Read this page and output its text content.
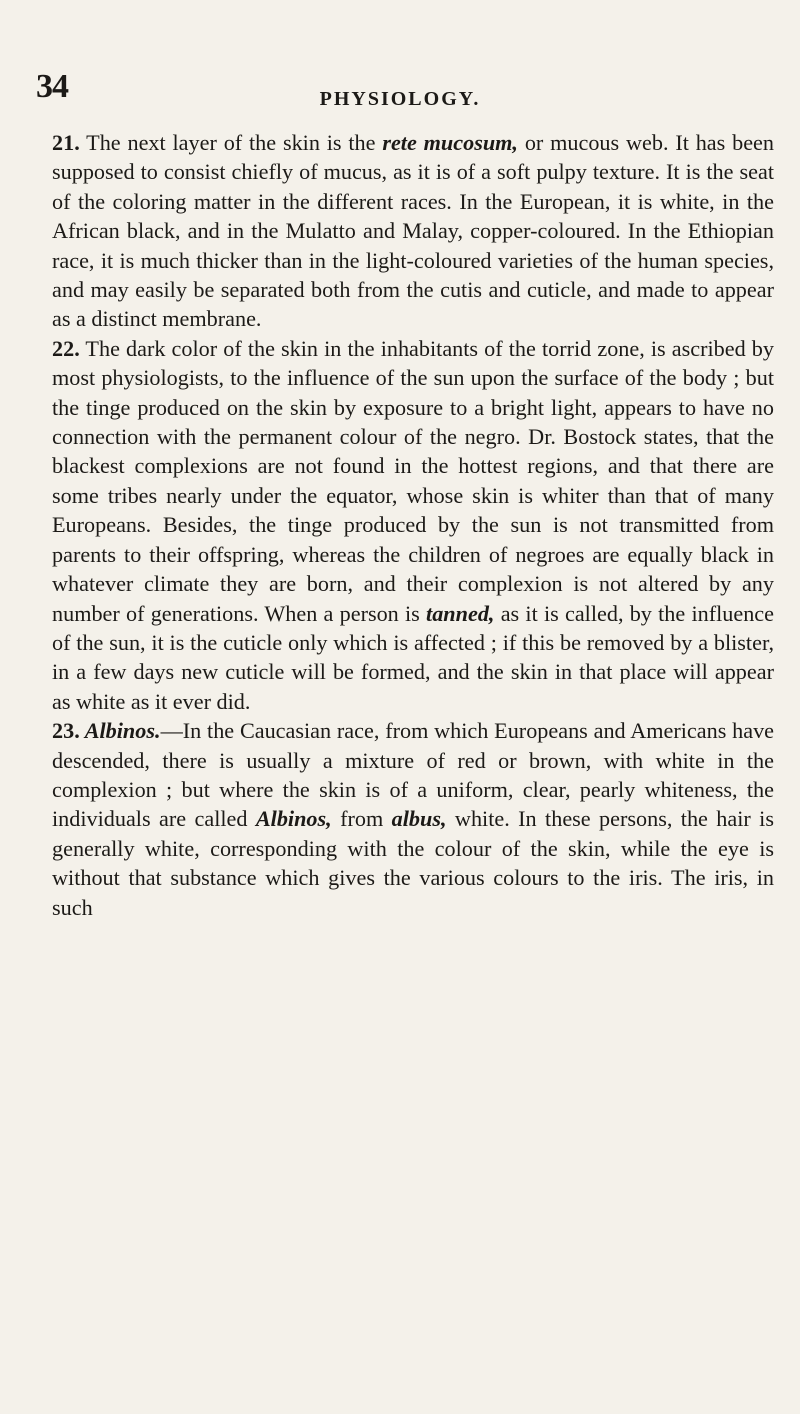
34	PHYSIOLOGY.

21. The next layer of the skin is the rete mucosum, or mucous web. It has been supposed to consist chiefly of mucus, as it is of a soft pulpy texture. It is the seat of the coloring matter in the different races. In the European, it is white, in the African black, and in the Mulatto and Malay, copper-coloured. In the Ethiopian race, it is much thicker than in the light-coloured varieties of the human species, and may easily be separated both from the cutis and cuticle, and made to appear as a distinct membrane.

22. The dark color of the skin in the inhabitants of the torrid zone, is ascribed by most physiologists, to the influence of the sun upon the surface of the body ; but the tinge produced on the skin by exposure to a bright light, appears to have no connection with the permanent colour of the negro. Dr. Bostock states, that the blackest complexions are not found in the hottest regions, and that there are some tribes nearly under the equator, whose skin is whiter than that of many Europeans. Besides, the tinge produced by the sun is not transmitted from parents to their offspring, whereas the children of negroes are equally black in whatever climate they are born, and their complexion is not altered by any number of generations. When a person is tanned, as it is called, by the influence of the sun, it is the cuticle only which is affected ; if this be removed by a blister, in a few days new cuticle will be formed, and the skin in that place will appear as white as it ever did.

23. Albinos.—In the Caucasian race, from which Europeans and Americans have descended, there is usually a mixture of red or brown, with white in the complexion ; but where the skin is of a uniform, clear, pearly whiteness, the individuals are called Albinos, from albus, white. In these persons, the hair is generally white, corresponding with the colour of the skin, while the eye is without that substance which gives the various colours to the iris. The iris, in such
